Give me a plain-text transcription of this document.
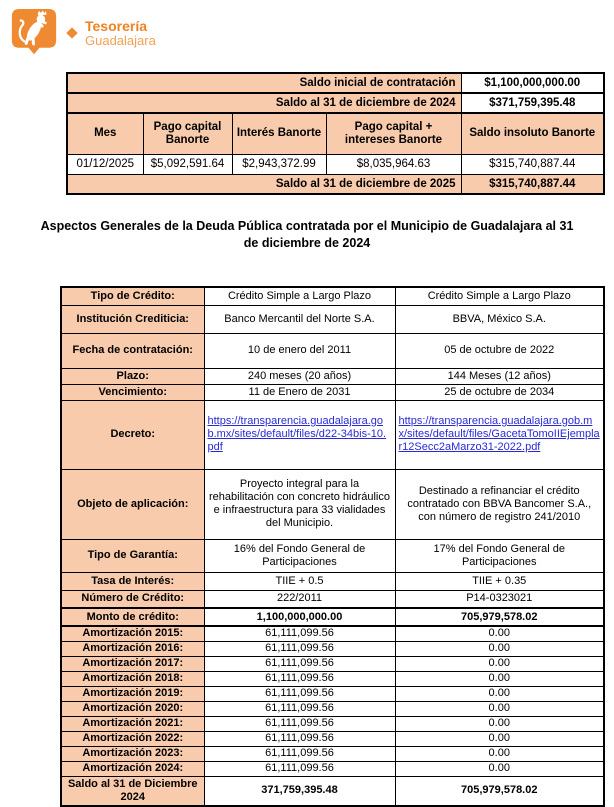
Tesorería
Guadalajara
Saldo inicial de contratación				$1,100,000,000.00
Saldo al 31 de diciembre de 2024				$371,759,395.48
Mes	Pago capital Banorte	Interés Banorte	Pago capital + intereses Banorte	Saldo insoluto Banorte
01/12/2025	$5,092,591.64	$2,943,372.99	$8,035,964.63	$315,740,887.44
Saldo al 31 de diciembre de 2025				$315,740,887.44
Aspectos Generales de la Deuda Pública contratada por el Municipio de Guadalajara al 31 de diciembre de 2024
Tipo de Crédito:	Crédito Simple a Largo Plazo	Crédito Simple a Largo Plazo
Institución Crediticia:	Banco Mercantil del Norte S.A.	BBVA, México S.A.
Fecha de contratación:	10 de enero del 2011	05 de octubre de 2022
Plazo:	240 meses (20 años)	144 Meses (12 años)
Vencimiento:	11 de Enero de 2031	25 de octubre de 2034
Decreto:	https://transparencia.guadalajara.gob.mx/sites/default/files/d22-34bis-10.pdf	https://transparencia.guadalajara.gob.mx/sites/default/files/GacetaTomoIIEjemplar12Secc2aMarzo31-2022.pdf
Objeto de aplicación:	Proyecto integral para la rehabilitación con concreto hidráulico e infraestructura para 33 vialidades del Municipio.	Destinado a refinanciar el crédito contratado con BBVA Bancomer S.A., con número de registro 241/2010
Tipo de Garantía:	16% del Fondo General de Participaciones	17% del Fondo General de Participaciones
Tasa de Interés:	TIIE + 0.5	TIIE + 0.35
Número de Crédito:	222/2011	P14-0323021
Monto de crédito:	1,100,000,000.00	705,979,578.02
Amortización 2015:	61,111,099.56	0.00
Amortización 2016:	61,111,099.56	0.00
Amortización 2017:	61,111,099.56	0.00
Amortización 2018:	61,111,099.56	0.00
Amortización 2019:	61,111,099.56	0.00
Amortización 2020:	61,111,099.56	0.00
Amortización 2021:	61,111,099.56	0.00
Amortización 2022:	61,111,099.56	0.00
Amortización 2023:	61,111,099.56	0.00
Amortización 2024:	61,111,099.56	0.00
Saldo al 31 de Diciembre 2024	371,759,395.48	705,979,578.02
